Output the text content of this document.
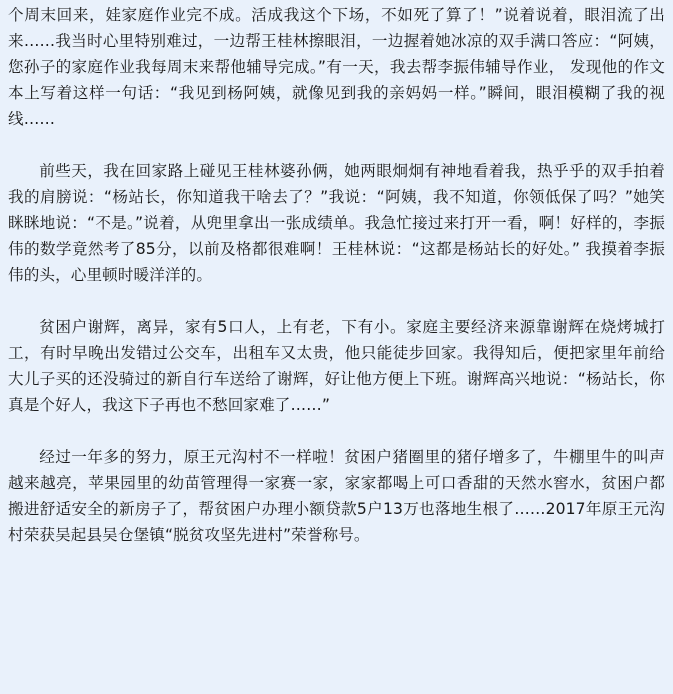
个周末回来，娃家庭作业完不成。活成我这个下场，不如死了算了！”说着说着，眼泪流了出来……我当时心里特别难过，一边帮王桂林擦眼泪，一边握着她冰凉的双手满口答应：“阿姨，您孙子的家庭作业我每周末来帮他辅导完成。”有一天，我去帮李振伟辅导作业， 发现他的作文本上写着这样一句话：“我见到杨阿姨，就像见到我的亲妈妈一样。”瞬间，眼泪模糊了我的视线……

前些天，我在回家路上碰见王桂林婆孙俩，她两眼炯炯有神地看着我，热乎乎的双手拍着我的肩膀说：“杨站长，你知道我干啥去了？”我说：“阿姨，我不知道，你领低保了吗？”她笑眯眯地说：“不是。”说着，从兜里拿出一张成绩单。我急忙接过来打开一看，啊！好样的，李振伟的数学竟然考了85分，以前及格都很难啊！王桂林说：“这都是杨站长的好处。” 我摸着李振伟的头，心里顿时暖洋洋的。

贫困户谢辉，离异，家有5口人，上有老，下有小。家庭主要经济来源靠谢辉在烧烤城打工，有时早晚出发错过公交车，出租车又太贵，他只能徒步回家。我得知后，便把家里年前给大儿子买的还没骑过的新自行车送给了谢辉，好让他方便上下班。谢辉高兴地说：“杨站长，你真是个好人，我这下子再也不愁回家难了……”

经过一年多的努力，原王元沟村不一样啦！贫困户猪圈里的猪仔增多了，牛棚里牛的叫声越来越亮，苹果园里的幼苗管理得一家赛一家，家家都喝上可口香甜的天然水窖水，贫困户都搬进舒适安全的新房子了，帮贫困户办理小额贷款5户13万也落地生根了……2017年原王元沟村荣获吴起县吴仓堡镇“脱贫攻坚先进村”荣誉称号。
